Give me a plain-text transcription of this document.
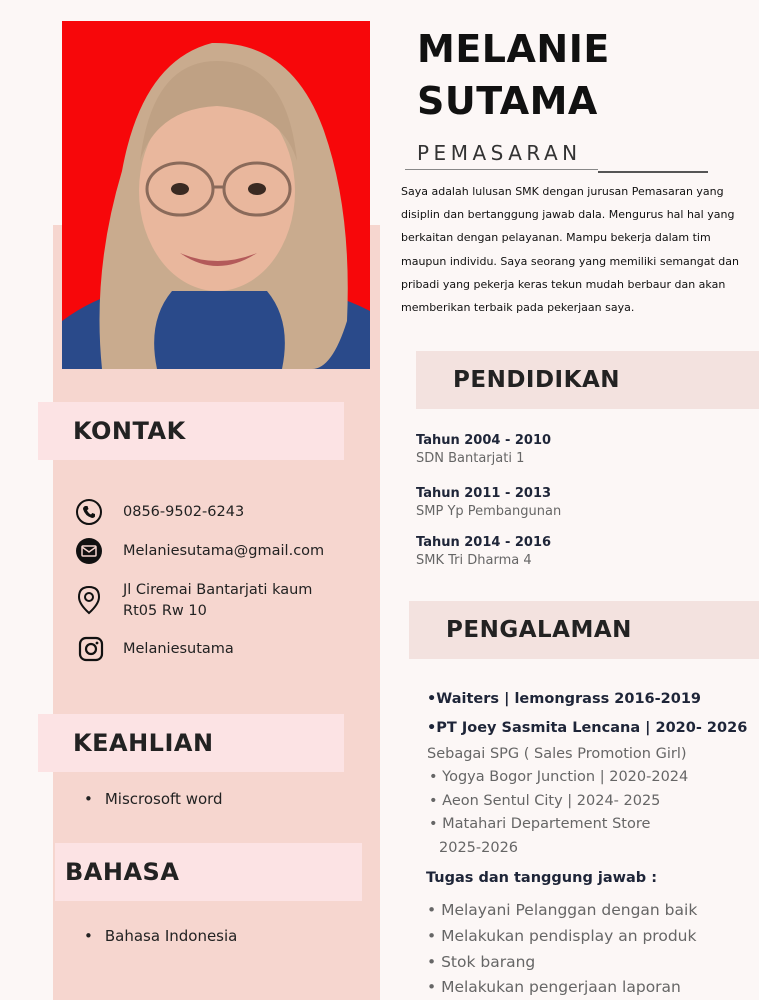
KONTAK
0856-9502-6243
Melaniesutama@gmail.com
Jl Ciremai Bantarjati kaum
Rt05 Rw 10
Melaniesutama
KEAHLIAN
• Miscrosoft word
BAHASA
• Bahasa Indonesia
MELANIE
SUTAMA
PEMASARAN
Saya adalah lulusan SMK dengan jurusan Pemasaran yang disiplin dan bertanggung jawab dala. Mengurus hal hal yang berkaitan dengan pelayanan. Mampu bekerja dalam tim maupun individu. Saya seorang yang memiliki semangat dan pribadi yang pekerja keras tekun mudah berbaur dan akan memberikan terbaik pada pekerjaan saya.
PENDIDIKAN
Tahun 2004 - 2010
SDN Bantarjati 1
Tahun 2011 - 2013
SMP Yp Pembangunan
Tahun 2014 - 2016
SMK Tri Dharma 4
PENGALAMAN
•Waiters | lemongrass 2016-2019
•PT Joey Sasmita Lencana | 2020- 2026
Sebagai SPG ( Sales Promotion Girl)
• Yogya Bogor Junction | 2020-2024
• Aeon Sentul City | 2024- 2025
• Matahari Departement Store
2025-2026
Tugas dan tanggung jawab :
• Melayani Pelanggan dengan baik
• Melakukan pendisplay an produk
• Stok barang
• Melakukan pengerjaan laporan
